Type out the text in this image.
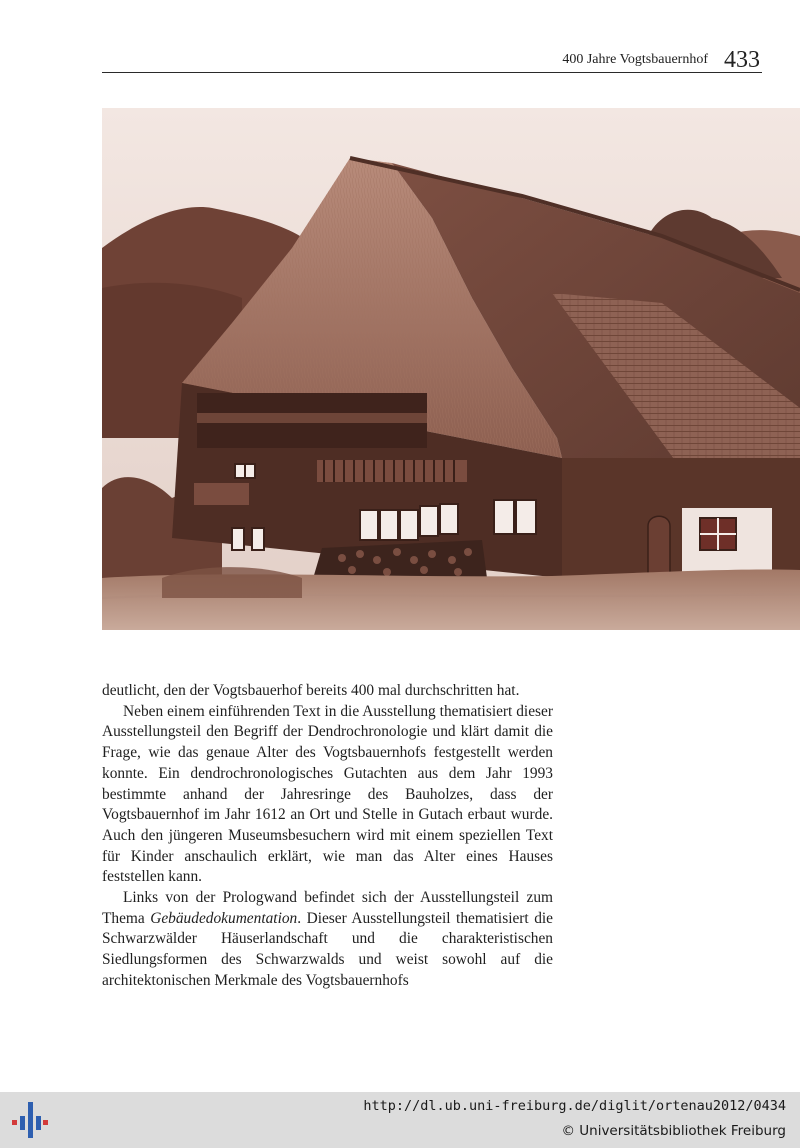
400 Jahre Vogtsbauernhof 433

deutlicht, den der Vogtsbauerhof bereits 400 mal durchschritten hat.

Neben einem einführenden Text in die Ausstellung thematisiert dieser Ausstellungsteil den Begriff der Dendrochronologie und klärt damit die Frage, wie das genaue Alter des Vogtsbauernhofs festgestellt werden konnte. Ein dendrochronologisches Gutachten aus dem Jahr 1993 bestimmte anhand der Jahresringe des Bauholzes, dass der Vogtsbauernhof im Jahr 1612 an Ort und Stelle in Gutach erbaut wurde. Auch den jüngeren Museumsbesuchern wird mit einem speziellen Text für Kinder anschaulich erklärt, wie man das Alter eines Hauses feststellen kann.

Links von der Prologwand befindet sich der Ausstellungsteil zum Thema Gebäudedokumentation. Dieser Ausstellungsteil thematisiert die Schwarzwälder Häuserlandschaft und die charakteristischen Siedlungsformen des Schwarzwalds und weist sowohl auf die architektonischen Merkmale des Vogtsbauernhofs

http://dl.ub.uni-freiburg.de/diglit/ortenau2012/0434
© Universitätsbibliothek Freiburg
